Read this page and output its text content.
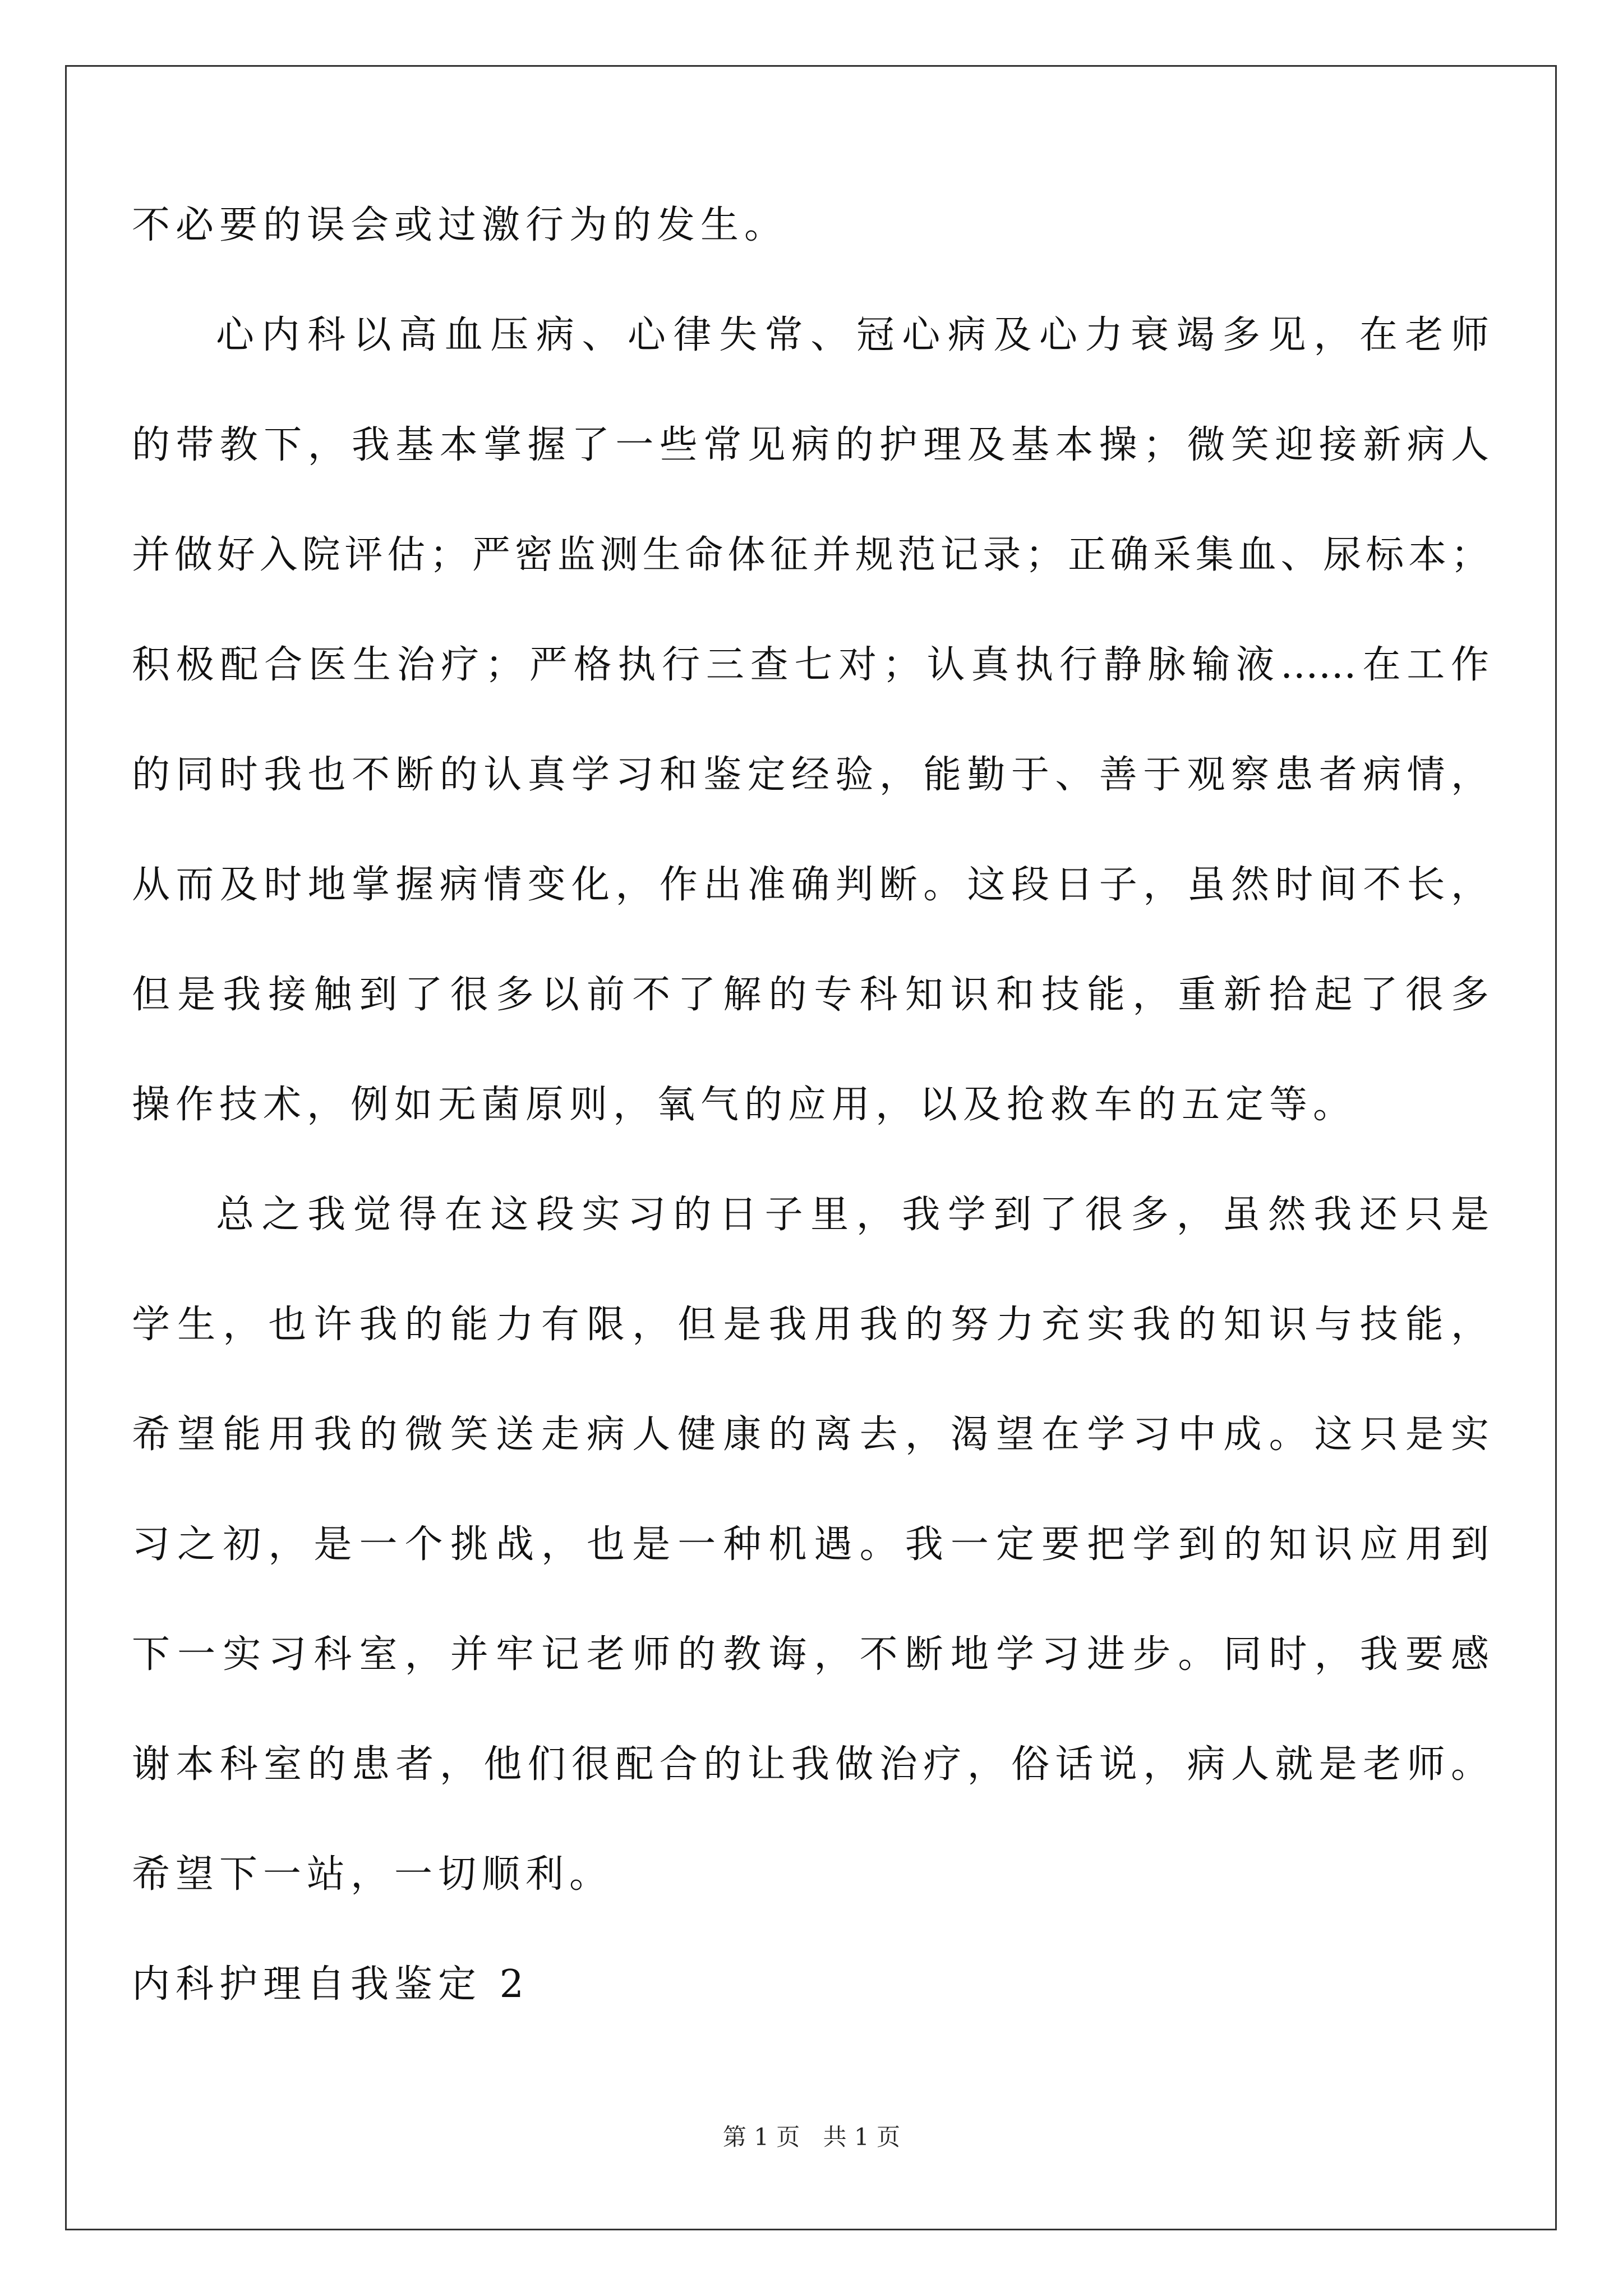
不必要的误会或过激行为的发生。
心内科以高血压病、心律失常、冠心病及心力衰竭多见，在老师
的带教下，我基本掌握了一些常见病的护理及基本操；微笑迎接新病人
并做好入院评估；严密监测生命体征并规范记录；正确采集血、尿标本；
积极配合医生治疗；严格执行三查七对；认真执行静脉输液……在工作
的同时我也不断的认真学习和鉴定经验，能勤于、善于观察患者病情，
从而及时地掌握病情变化，作出准确判断。这段日子，虽然时间不长，
但是我接触到了很多以前不了解的专科知识和技能，重新拾起了很多
操作技术，例如无菌原则，氧气的应用，以及抢救车的五定等。
总之我觉得在这段实习的日子里，我学到了很多，虽然我还只是
学生，也许我的能力有限，但是我用我的努力充实我的知识与技能，
希望能用我的微笑送走病人健康的离去，渴望在学习中成。这只是实
习之初，是一个挑战，也是一种机遇。我一定要把学到的知识应用到
下一实习科室，并牢记老师的教诲，不断地学习进步。同时，我要感
谢本科室的患者，他们很配合的让我做治疗，俗话说，病人就是老师。
希望下一站，一切顺利。
内科护理自我鉴定 2
第 1 页 共 1 页
